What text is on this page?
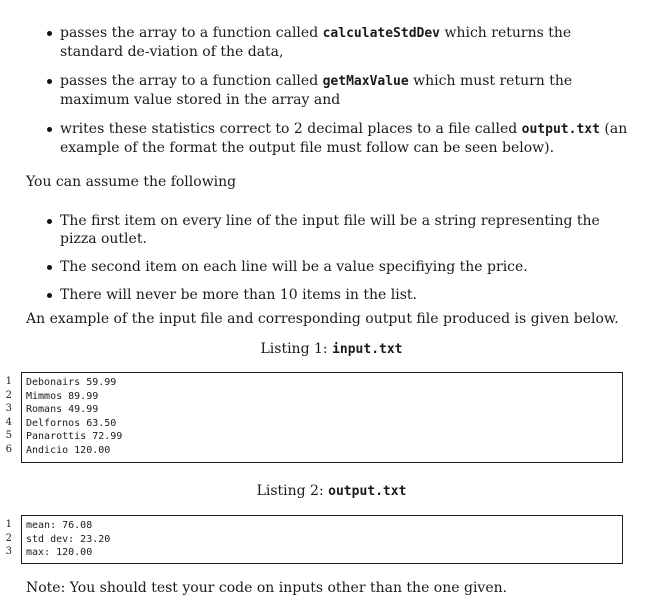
passes the array to a function called calculateStdDev which returns the standard de-viation of the data,
passes the array to a function called getMaxValue which must return the maximum value stored in the array and
writes these statistics correct to 2 decimal places to a file called output.txt (an example of the format the output file must follow can be seen below).
You can assume the following
The first item on every line of the input file will be a string representing the pizza outlet.
The second item on each line will be a value specifiying the price.
There will never be more than 10 items in the list.
An example of the input file and corresponding output file produced is given below.
Listing 1: input.txt
1
2
3
4
5
6
Debonairs 59.99
Mimmos 89.99
Romans 49.99
Delfornos 63.50
Panarottis 72.99
Andicio 120.00
Listing 2: output.txt
1
2
3
mean: 76.08
std dev: 23.20
max: 120.00
Note: You should test your code on inputs other than the one given.
